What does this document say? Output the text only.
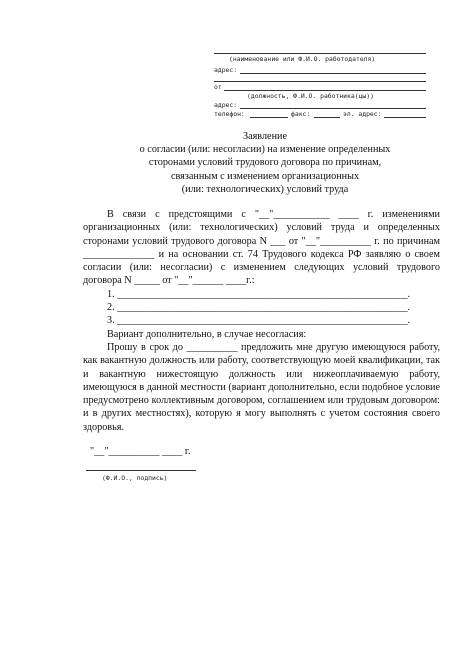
(наименование или Ф.И.О. работодателя)
адрес:
от
(должность, Ф.И.О. работника(цы))
адрес:
телефон:	факс:	эл. адрес:
Заявление
о согласии (или: несогласии) на изменение определенных
сторонами условий трудового договора по причинам,
связанным с изменением организационных
(или: технологических) условий труда

В связи с предстоящими с "__"___________ ____ г. изменениями организационных (или: технологических) условий труда и определенных сторонами условий трудового договора N ___ от "__"__________ г. по причинам ______________ и на основании ст. 74 Трудового кодекса РФ заявляю о своем согласии (или: несогласии) с изменением следующих условий трудового договора N _____ от "__"______ ____г.:

1. _________________________________________________________.

2. _________________________________________________________.

3. _________________________________________________________.

Вариант дополнительно, в случае несогласия:

Прошу в срок до __________ предложить мне другую имеющуюся работу, как вакантную должность или работу, соответствующую моей квалификации, так и вакантную нижестоящую должность или нижеоплачиваемую работу, имеющуюся в данной местности (вариант дополнительно, если подобное условие предусмотрено коллективным договором, соглашением или трудовым договором: и в других местностях), которую я могу выполнять с учетом состояния своего здоровья.

"__"__________ ____ г.
(Ф.И.О., подпись)
